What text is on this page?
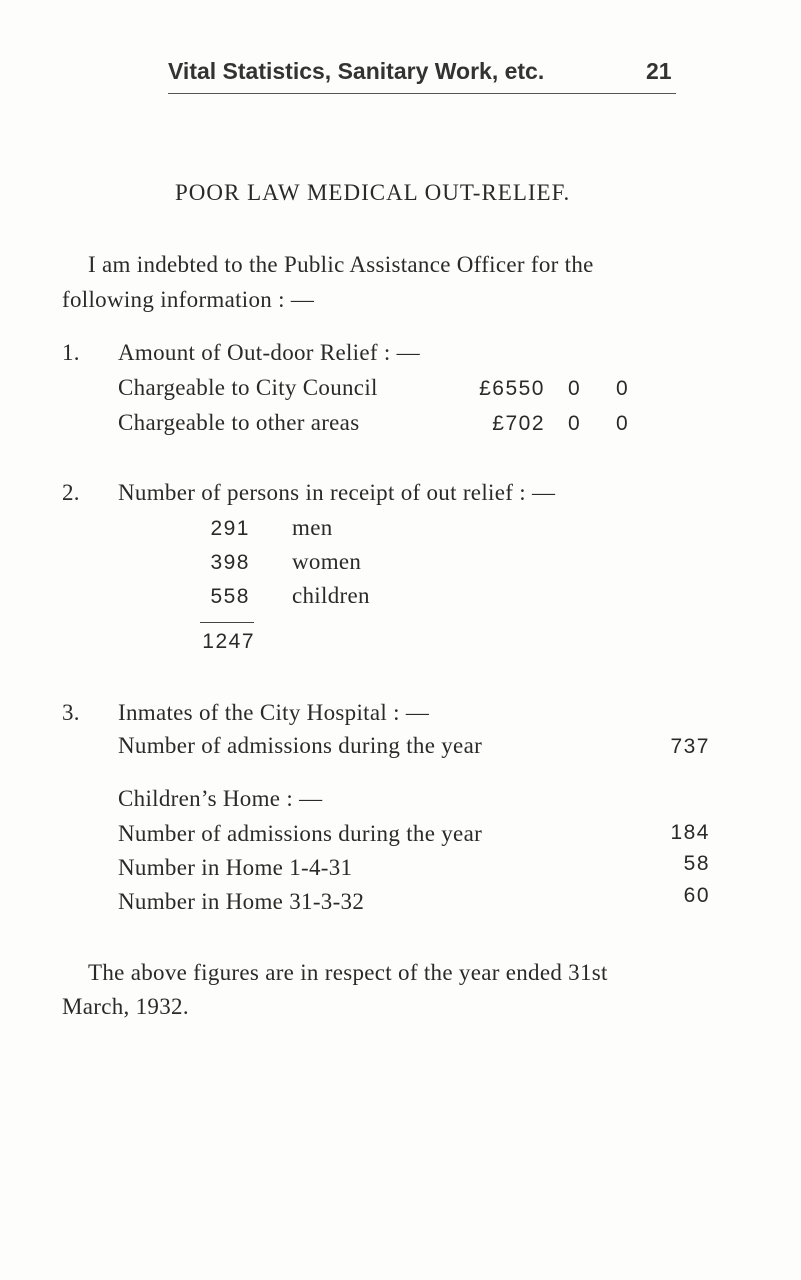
Vital Statistics, Sanitary Work, etc.	21
POOR LAW MEDICAL OUT-RELIEF.
I am indebted to the Public Assistance Officer for the
following information : —
1. Amount of Out-door Relief : —
Chargeable to City Council	£6550 0 0
Chargeable to other areas	£702 0 0
2. Number of persons in receipt of out relief : —
291 men
398 women
558 children
1247
3. Inmates of the City Hospital : —
Number of admissions during the year	737
Children’s Home : —
Number of admissions during the year	184
Number in Home 1-4-31	58
Number in Home 31-3-32	60
The above figures are in respect of the year ended 31st
March, 1932.
